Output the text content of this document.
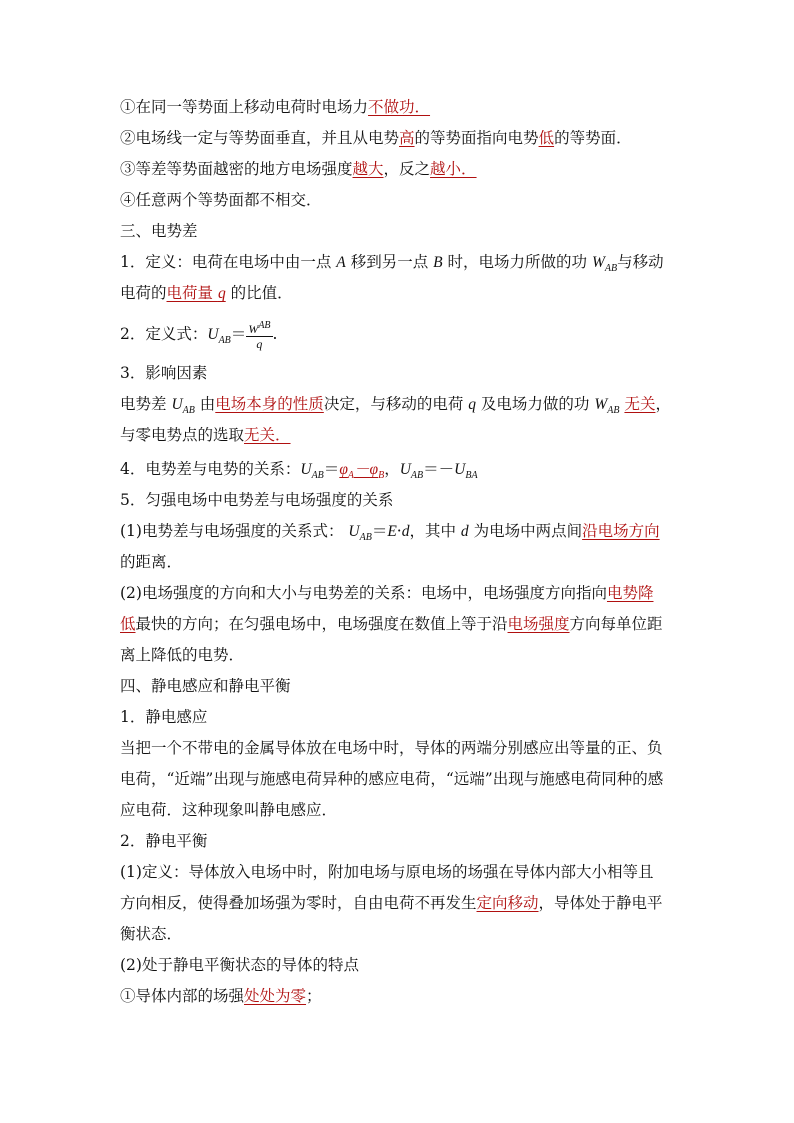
①在同一等势面上移动电荷时电场力不做功．
②电场线一定与等势面垂直，并且从电势高的等势面指向电势低的等势面．
③等差等势面越密的地方电场强度越大，反之越小．
④任意两个等势面都不相交．
三、电势差
1．定义：电荷在电场中由一点 A 移到另一点 B 时，电场力所做的功 $W_{AB}$与移动
电荷的电荷量 q 的比值．
2．定义式：$U_{AB}= \frac{W^{AB}}{q}$ .
3．影响因素
电势差 $U_{AB}$ 由电场本身的性质决定，与移动的电荷 q 及电场力做的功 $W_{AB}$ 无关，
与零电势点的选取无关．
4．电势差与电势的关系：$U_{AB}=\varphi_A-\varphi_B$，$U_{AB}=-U_{BA}$
5．匀强电场中电势差与电场强度的关系
(1)电势差与电场强度的关系式： $U_{AB}=E\cdot d$，其中 d 为电场中两点间沿电场方向
的距离．
(2)电场强度的方向和大小与电势差的关系：电场中，电场强度方向指向电势降
低最快的方向；在匀强电场中，电场强度在数值上等于沿电场强度方向每单位距
离上降低的电势．
四、静电感应和静电平衡
1．静电感应
当把一个不带电的金属导体放在电场中时，导体的两端分别感应出等量的正、负
电荷，“近端”出现与施感电荷异种的感应电荷，“远端”出现与施感电荷同种的感
应电荷．这种现象叫静电感应．
2．静电平衡
(1)定义：导体放入电场中时，附加电场与原电场的场强在导体内部大小相等且
方向相反，使得叠加场强为零时，自由电荷不再发生定向移动，导体处于静电平
衡状态．
(2)处于静电平衡状态的导体的特点
①导体内部的场强处处为零；
